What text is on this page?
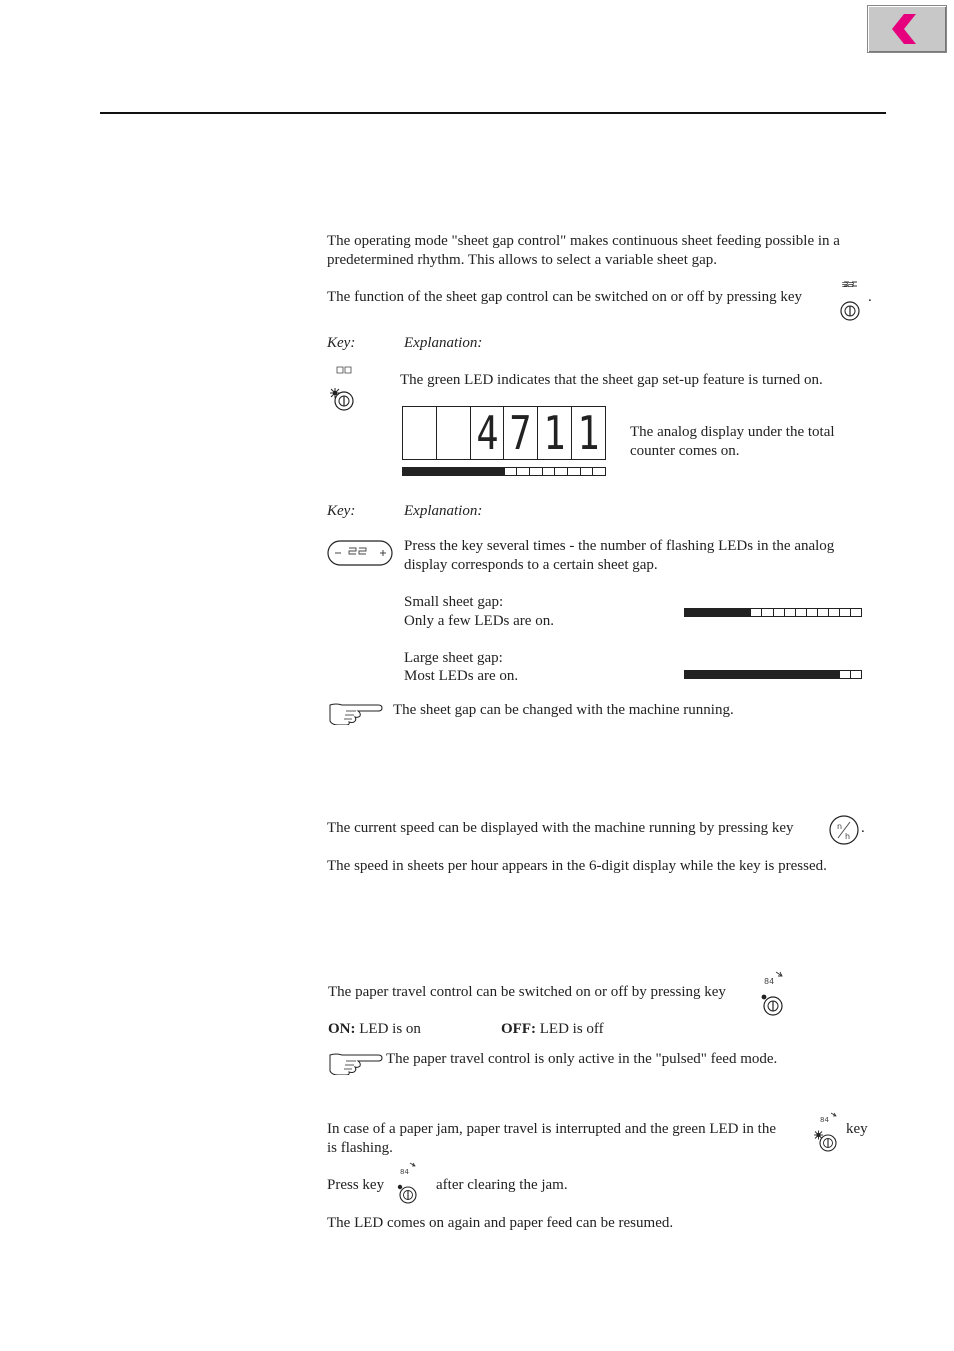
The operating mode "sheet gap control" makes continuous sheet feeding possible in a predetermined rhythm. This allows to select a variable sheet gap.
The function of the sheet gap control can be switched on or off by pressing key
ᴟᴟ
.
Key:	Explanation:
The green LED indicates that the sheet gap set-up feature is turned on.
4 7 1 1 The analog display under the total counter comes on.
Key:	Explanation:
Press the key several times - the number of flashing LEDs in the analog display corresponds to a certain sheet gap.
Small sheet gap:
Only a few LEDs are on.
Large sheet gap:
Most LEDs are on.
The sheet gap can be changed with the machine running.
The current speed can be displayed with the machine running by pressing key	n
h
.
The speed in sheets per hour appears in the 6-digit display while the key is pressed.
The paper travel control can be switched on or off by pressing key
84
ON: LED is on	OFF: LED is off
The paper travel control is only active in the "pulsed" feed mode.
In case of a paper jam, paper travel is interrupted and the green LED in the
84
key
is flashing.
Press key
84
after clearing the jam.
The LED comes on again and paper feed can be resumed.
